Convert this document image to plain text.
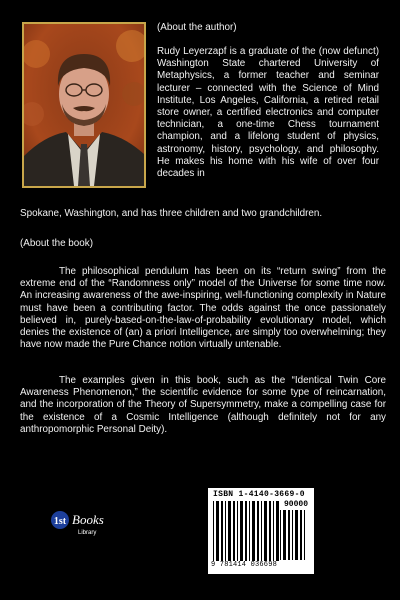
(About the author)
Rudy Leyerzapf is a graduate of the (now defunct) Washington State chartered University of Metaphysics, a former teacher and seminar lecturer – connected with the Science of Mind Institute, Los Angeles, California, a retired retail store owner, a certified electronics and computer technician, a one-time Chess tournament champion, and a lifelong student of physics, astronomy, history, psychology, and philosophy. He makes his home with his wife of over four decades in
Spokane, Washington, and has three children and two grandchildren.
(About the book)
The philosophical pendulum has been on its “return swing” from the extreme end of the “Randomness only” model of the Universe for some time now. An increasing awareness of the awe-inspiring, well-functioning complexity in Nature must have been a contributing factor. The odds against the once passionately believed in, purely-based-on-the-law-of-probability evolutionary model, which denies the existence of (an) a priori Intelligence, are simply too overwhelming; they have now made the Pure Chance notion virtually untenable.
The examples given in this book, such as the “Identical Twin Core Awareness Phenomenon,” the scientific evidence for some type of reincarnation, and the incorporation of the Theory of Supersymmetry, make a compelling case for the existence of a Cosmic Intelligence (although definitely not for any anthropomorphic Personal Deity).
1st Books
Library
ISBN 1-4140-3669-0
90000
9 781414 036698
